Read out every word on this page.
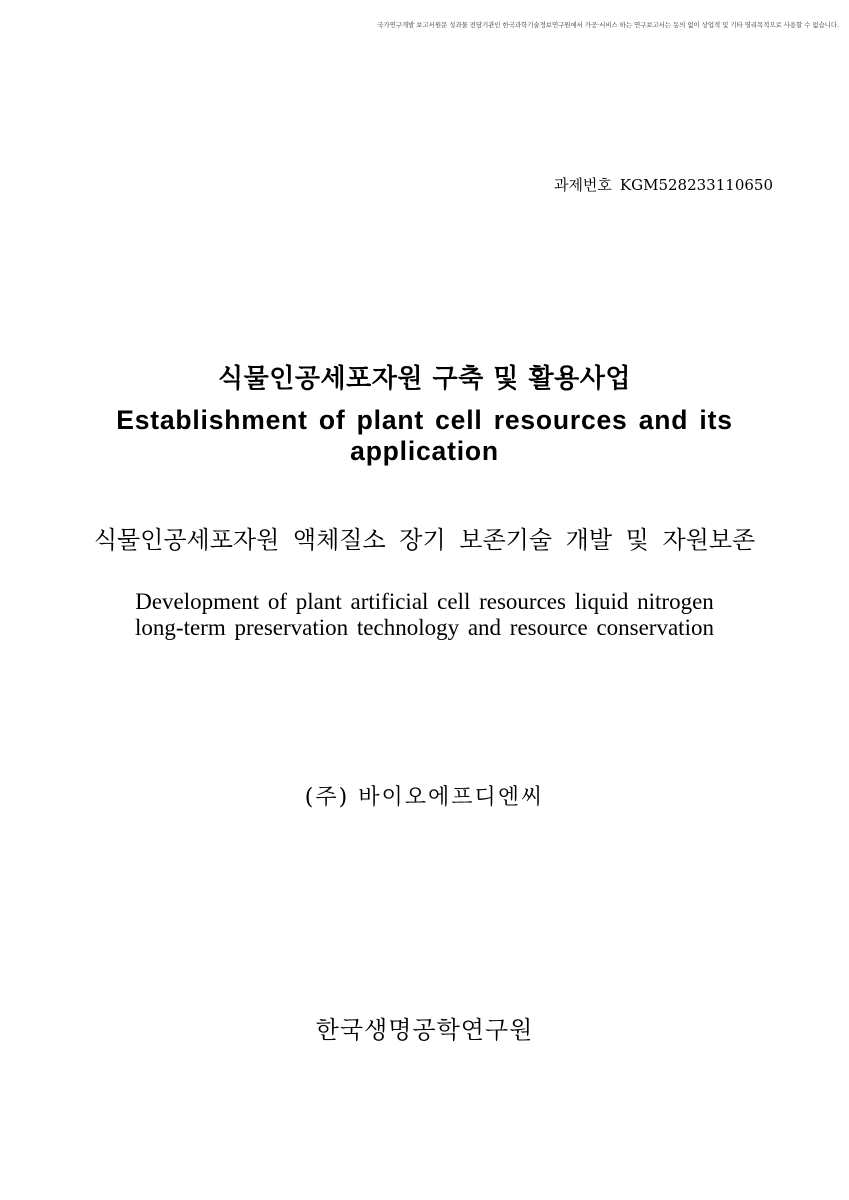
국가연구개발 보고서원문 성과물 전담기관인 한국과학기술정보연구원에서 가공·서비스 하는 연구보고서는 동의 없이 상업적 및 기타 영리목적으로 사용할 수 없습니다.
과제번호 KGM528233110650
식물인공세포자원 구축 및 활용사업
Establishment of plant cell resources and its application
식물인공세포자원 액체질소 장기 보존기술 개발 및 자원보존
Development of plant artificial cell resources liquid nitrogen
long-term preservation technology and resource conservation
(주) 바이오에프디엔씨
한국생명공학연구원
